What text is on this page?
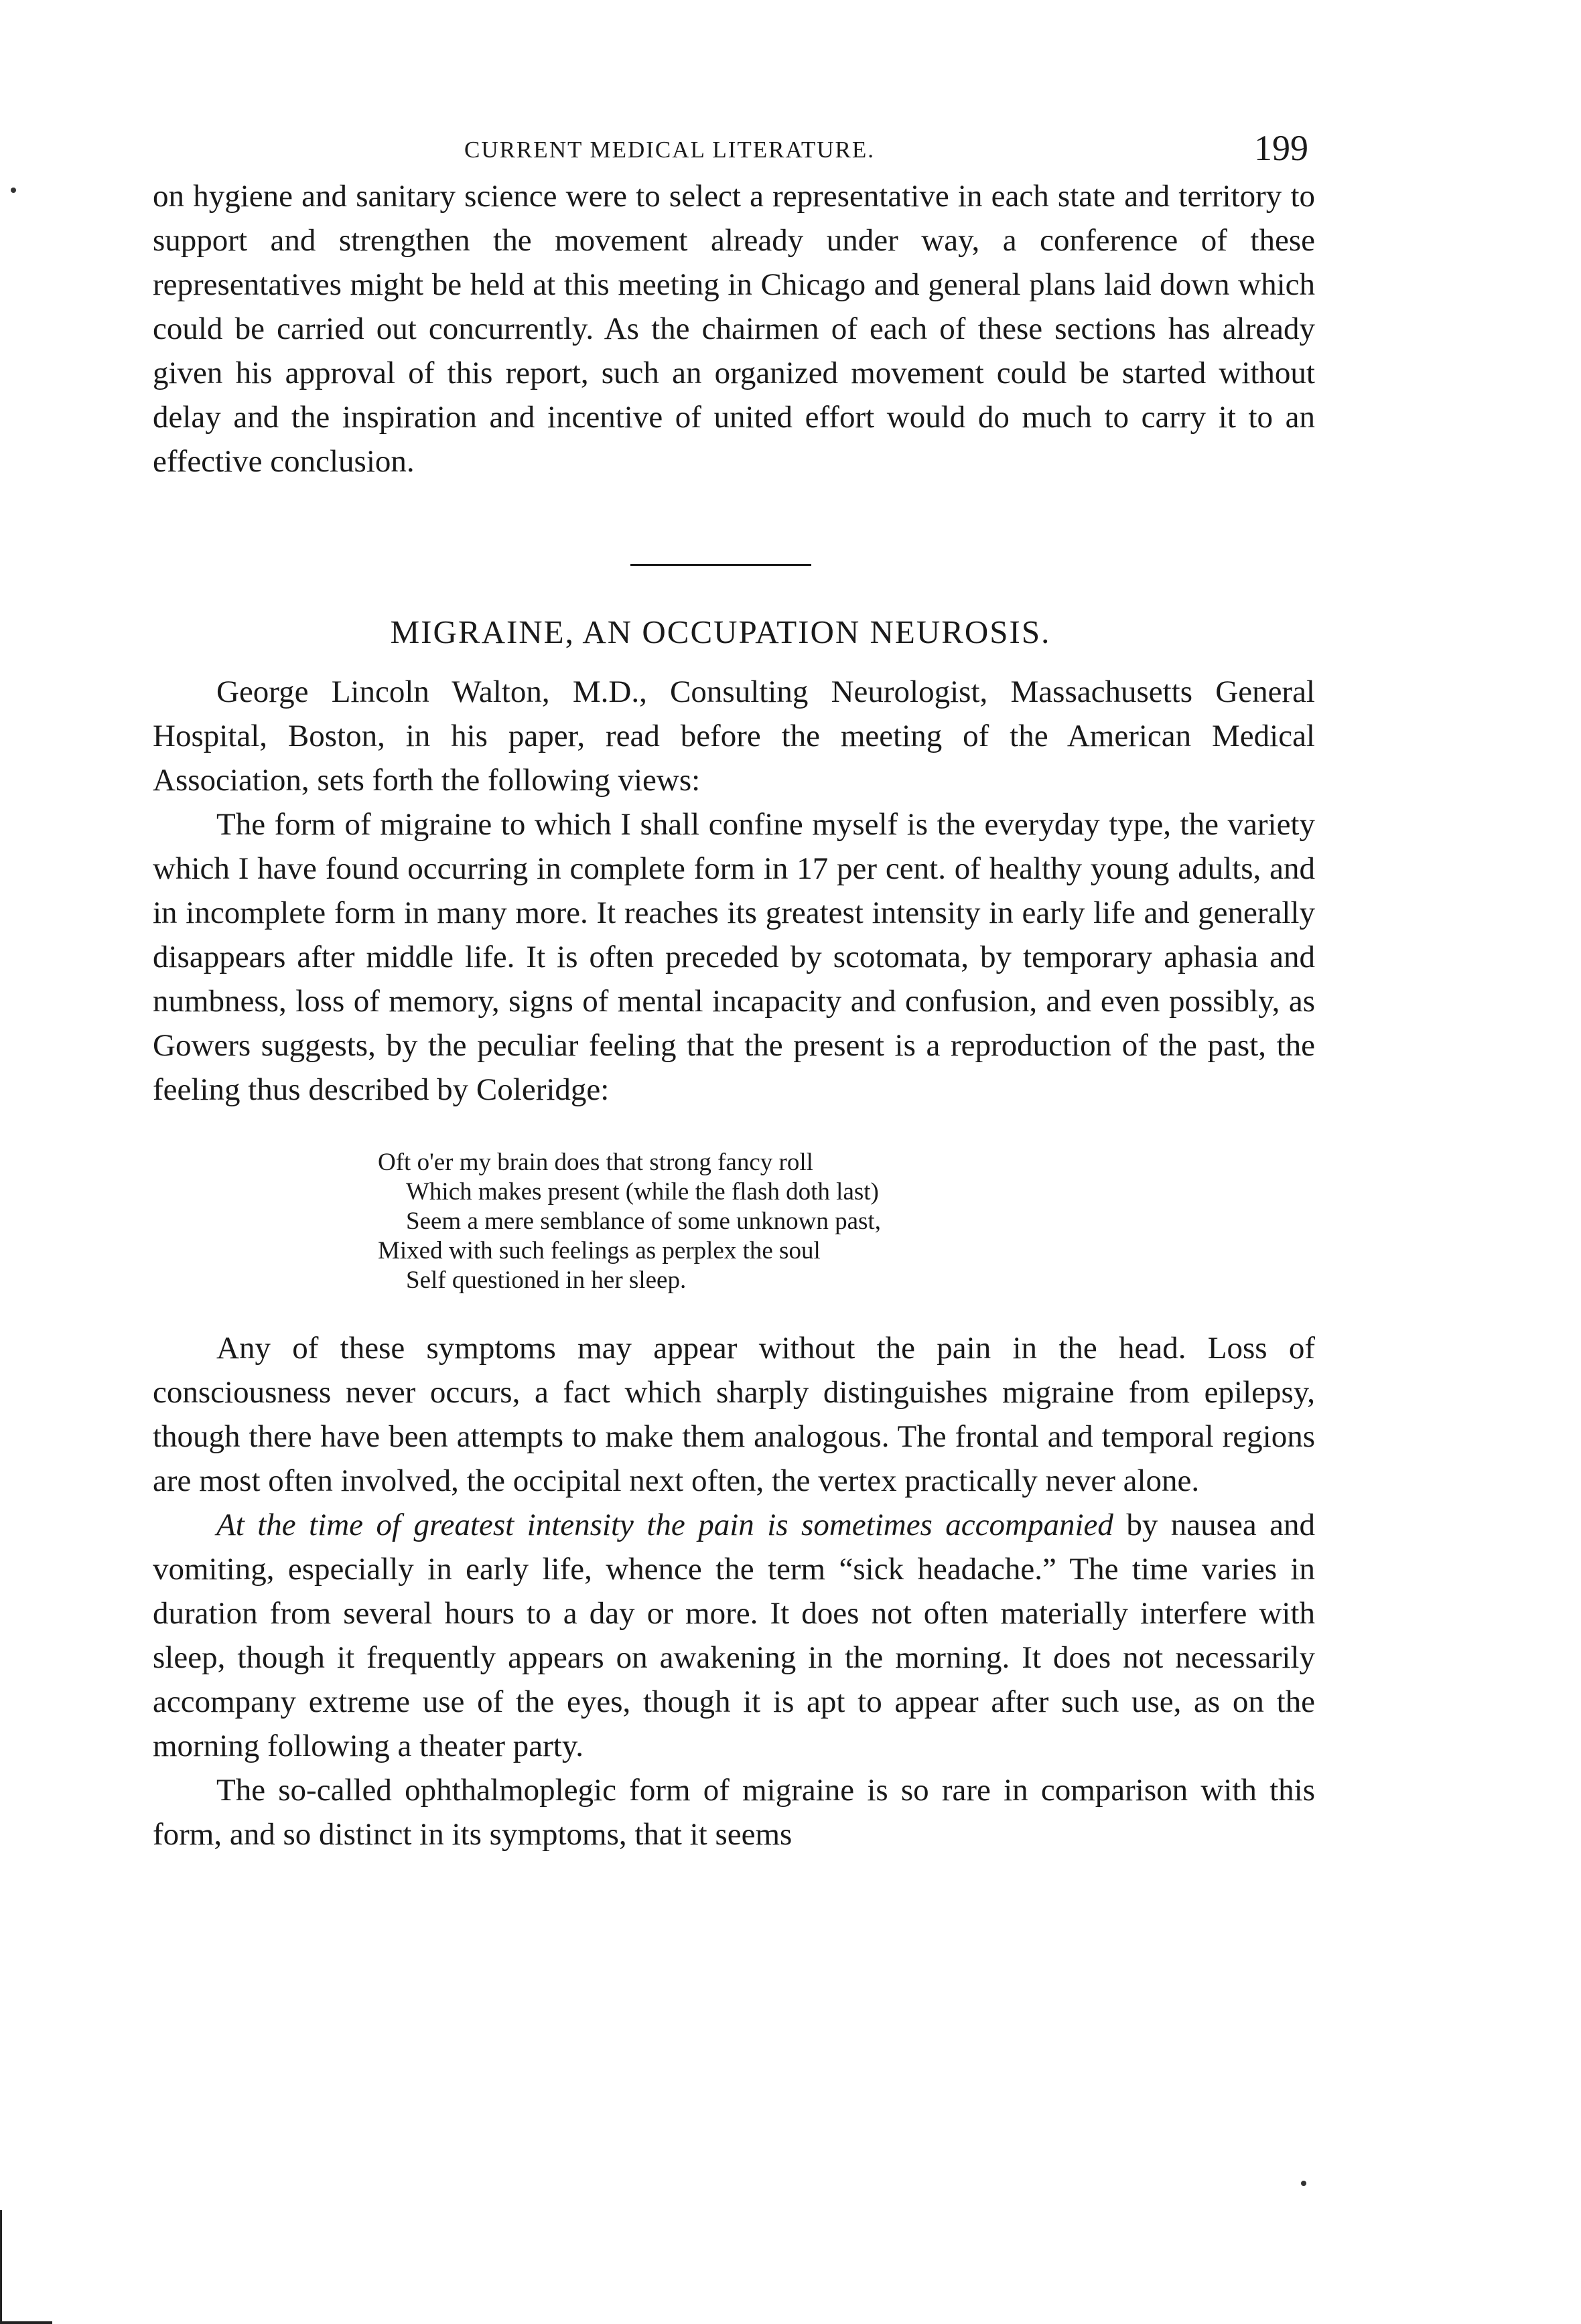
CURRENT MEDICAL LITERATURE.	199

on hygiene and sanitary science were to select a representative in each state and territory to support and strengthen the movement already under way, a conference of these representatives might be held at this meeting in Chicago and general plans laid down which could be carried out concurrently. As the chairmen of each of these sections has already given his approval of this report, such an organized movement could be started without delay and the inspiration and incentive of united effort would do much to carry it to an effective conclusion.

MIGRAINE, AN OCCUPATION NEUROSIS.

George Lincoln Walton, M.D., Consulting Neurologist, Massachusetts General Hospital, Boston, in his paper, read before the meeting of the American Medical Association, sets forth the following views:

The form of migraine to which I shall confine myself is the everyday type, the variety which I have found occurring in complete form in 17 per cent. of healthy young adults, and in incomplete form in many more. It reaches its greatest intensity in early life and generally disappears after middle life. It is often preceded by scotomata, by temporary aphasia and numbness, loss of memory, signs of mental incapacity and confusion, and even possibly, as Gowers suggests, by the peculiar feeling that the present is a reproduction of the past, the feeling thus described by Coleridge:

Oft o'er my brain does that strong fancy roll
Which makes present (while the flash doth last)
Seem a mere semblance of some unknown past,
Mixed with such feelings as perplex the soul
Self questioned in her sleep.

Any of these symptoms may appear without the pain in the head. Loss of consciousness never occurs, a fact which sharply distinguishes migraine from epilepsy, though there have been attempts to make them analogous. The frontal and temporal regions are most often involved, the occipital next often, the vertex practically never alone.

At the time of greatest intensity the pain is sometimes accompanied by nausea and vomiting, especially in early life, whence the term “sick headache.” The time varies in duration from several hours to a day or more. It does not often materially interfere with sleep, though it frequently appears on awakening in the morning. It does not necessarily accompany extreme use of the eyes, though it is apt to appear after such use, as on the morning following a theater party.

The so-called ophthalmoplegic form of migraine is so rare in comparison with this form, and so distinct in its symptoms, that it seems
